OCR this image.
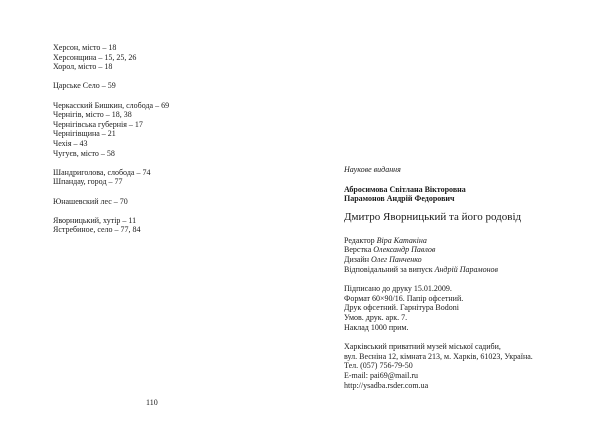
Херсон, місто – 18
Херсонщина – 15, 25, 26
Хорол, місто – 18
Царське Село – 59
Черкасский Бишкин, слобода – 69
Чернігів, місто – 18, 38
Чернігівська губернія – 17
Чернігівщина – 21
Чехія – 43
Чугуєв, місто – 58
Шандриголова, слобода – 74
Шпандау, город – 77
Юнашевский лес – 70
Яворницький, хутір – 11
Ястребиное, село – 77, 84
110
Наукове видання
Абросимова Світлана Вікторовна
Парамонов Андрій Федорович
Дмитро Яворницький та його родовід
Редактор Віра Катакіна
Верстка Олександр Павлов
Дизайн Олег Панченко
Відповідальний за випуск Андрій Парамонов
Підписано до друку 15.01.2009.
Формат 60×90/16. Папір офсетний.
Друк офсетний. Гарнітура Bodoni
Умов. друк. арк. 7.
Наклад 1000 прим.
Харківський приватний музей міської садиби,
вул. Весніна 12, кімната 213, м. Харків, 61023, Україна.
Тел. (057) 756-79-50
E-mail: pai69@mail.ru
http://ysadba.rsder.com.ua
